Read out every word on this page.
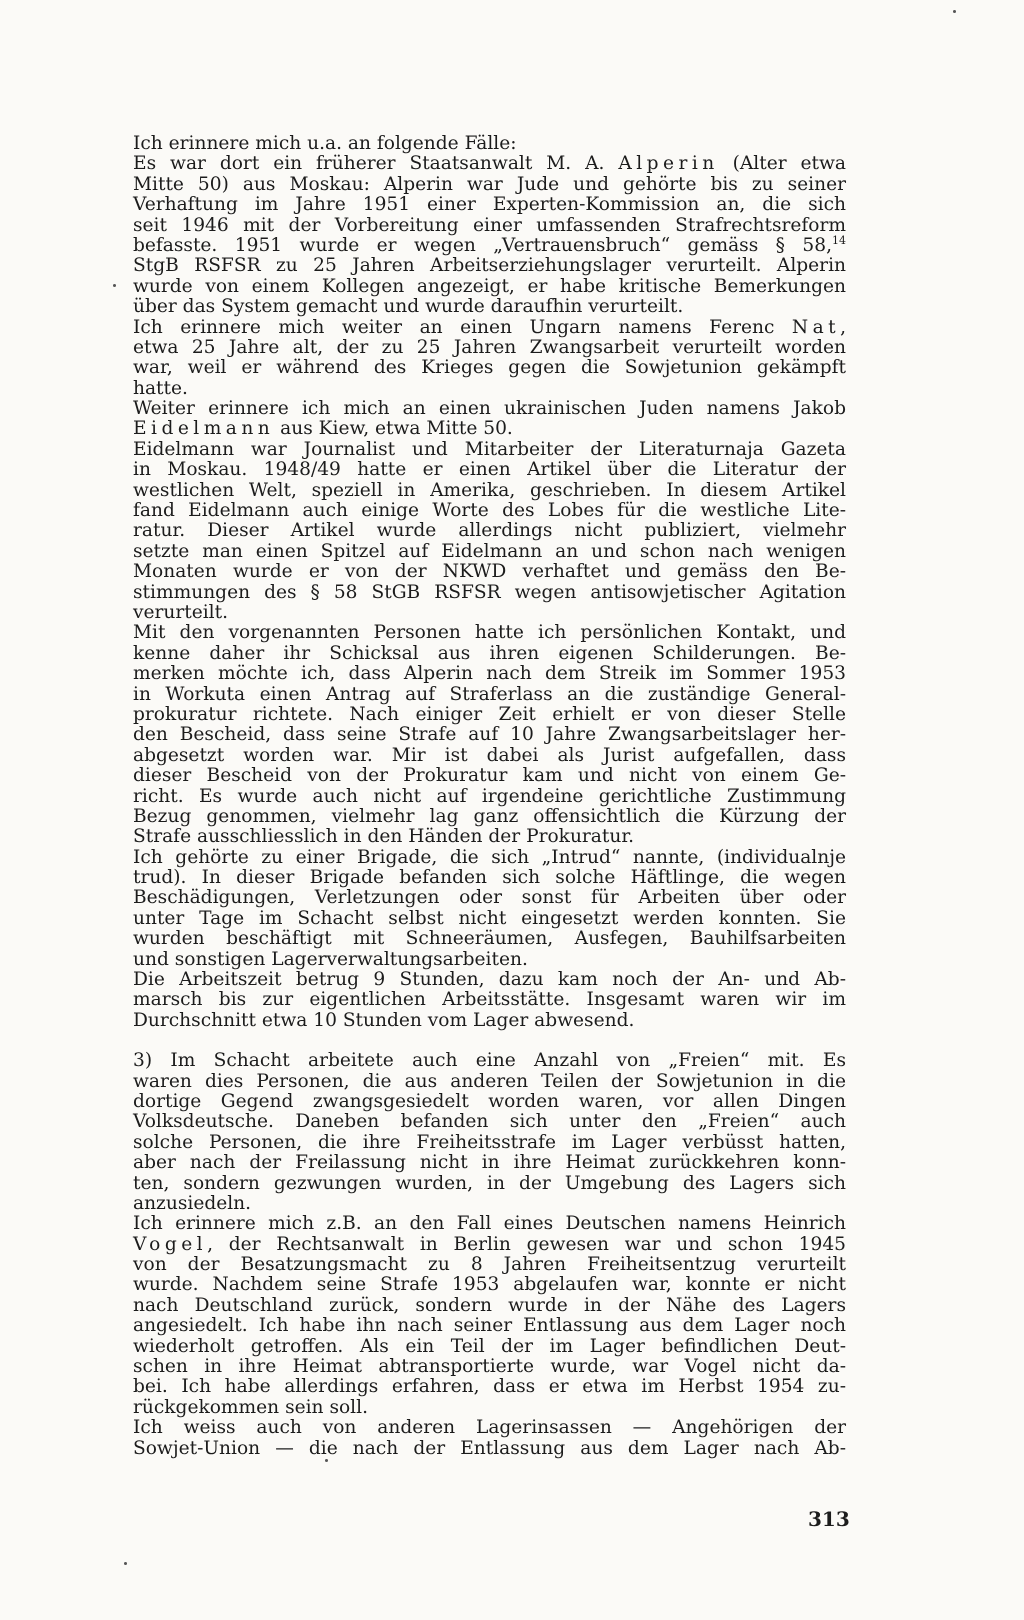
Ich erinnere mich u.a. an folgende Fälle:
Es war dort ein früherer Staatsanwalt M. A. Alperin (Alter etwa
Mitte 50) aus Moskau: Alperin war Jude und gehörte bis zu seiner
Verhaftung im Jahre 1951 einer Experten-Kommission an, die sich
seit 1946 mit der Vorbereitung einer umfassenden Strafrechtsreform
befasste. 1951 wurde er wegen „Vertrauensbruch“ gemäss § 58,14
StgB RSFSR zu 25 Jahren Arbeitserziehungslager verurteilt. Alperin
wurde von einem Kollegen angezeigt, er habe kritische Bemerkungen
über das System gemacht und wurde daraufhin verurteilt.
Ich erinnere mich weiter an einen Ungarn namens Ferenc Nat,
etwa 25 Jahre alt, der zu 25 Jahren Zwangsarbeit verurteilt worden
war, weil er während des Krieges gegen die Sowjetunion gekämpft
hatte.
Weiter erinnere ich mich an einen ukrainischen Juden namens Jakob
Eidelmann aus Kiew, etwa Mitte 50.
Eidelmann war Journalist und Mitarbeiter der Literaturnaja Gazeta
in Moskau. 1948/49 hatte er einen Artikel über die Literatur der
westlichen Welt, speziell in Amerika, geschrieben. In diesem Artikel
fand Eidelmann auch einige Worte des Lobes für die westliche Lite-
ratur. Dieser Artikel wurde allerdings nicht publiziert, vielmehr
setzte man einen Spitzel auf Eidelmann an und schon nach wenigen
Monaten wurde er von der NKWD verhaftet und gemäss den Be-
stimmungen des § 58 StGB RSFSR wegen antisowjetischer Agitation
verurteilt.
Mit den vorgenannten Personen hatte ich persönlichen Kontakt, und
kenne daher ihr Schicksal aus ihren eigenen Schilderungen. Be-
merken möchte ich, dass Alperin nach dem Streik im Sommer 1953
in Workuta einen Antrag auf Straferlass an die zuständige General-
prokuratur richtete. Nach einiger Zeit erhielt er von dieser Stelle
den Bescheid, dass seine Strafe auf 10 Jahre Zwangsarbeitslager her-
abgesetzt worden war. Mir ist dabei als Jurist aufgefallen, dass
dieser Bescheid von der Prokuratur kam und nicht von einem Ge-
richt. Es wurde auch nicht auf irgendeine gerichtliche Zustimmung
Bezug genommen, vielmehr lag ganz offensichtlich die Kürzung der
Strafe ausschliesslich in den Händen der Prokuratur.
Ich gehörte zu einer Brigade, die sich „Intrud“ nannte, (individualnje
trud). In dieser Brigade befanden sich solche Häftlinge, die wegen
Beschädigungen, Verletzungen oder sonst für Arbeiten über oder
unter Tage im Schacht selbst nicht eingesetzt werden konnten. Sie
wurden beschäftigt mit Schneeräumen, Ausfegen, Bauhilfsarbeiten
und sonstigen Lagerverwaltungsarbeiten.
Die Arbeitszeit betrug 9 Stunden, dazu kam noch der An- und Ab-
marsch bis zur eigentlichen Arbeitsstätte. Insgesamt waren wir im
Durchschnitt etwa 10 Stunden vom Lager abwesend.
3) Im Schacht arbeitete auch eine Anzahl von „Freien“ mit. Es
waren dies Personen, die aus anderen Teilen der Sowjetunion in die
dortige Gegend zwangsgesiedelt worden waren, vor allen Dingen
Volksdeutsche. Daneben befanden sich unter den „Freien“ auch
solche Personen, die ihre Freiheitsstrafe im Lager verbüsst hatten,
aber nach der Freilassung nicht in ihre Heimat zurückkehren konn-
ten, sondern gezwungen wurden, in der Umgebung des Lagers sich
anzusiedeln.
Ich erinnere mich z.B. an den Fall eines Deutschen namens Heinrich
Vogel, der Rechtsanwalt in Berlin gewesen war und schon 1945
von der Besatzungsmacht zu 8 Jahren Freiheitsentzug verurteilt
wurde. Nachdem seine Strafe 1953 abgelaufen war, konnte er nicht
nach Deutschland zurück, sondern wurde in der Nähe des Lagers
angesiedelt. Ich habe ihn nach seiner Entlassung aus dem Lager noch
wiederholt getroffen. Als ein Teil der im Lager befindlichen Deut-
schen in ihre Heimat abtransportierte wurde, war Vogel nicht da-
bei. Ich habe allerdings erfahren, dass er etwa im Herbst 1954 zu-
rückgekommen sein soll.
Ich weiss auch von anderen Lagerinsassen — Angehörigen der
Sowjet-Union — die nach der Entlassung aus dem Lager nach Ab-
313
